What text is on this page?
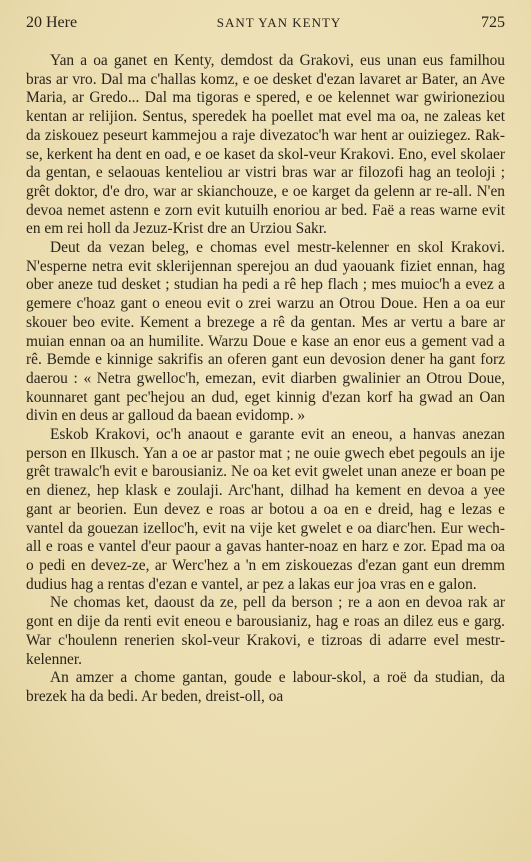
20 Here	SANT YAN KENTY	725

Yan a oa ganet en Kenty, demdost da Grakovi, eus unan eus familhou bras ar vro. Dal ma c'hallas komz, e oe desket d'ezan lavaret ar Bater, an Ave Maria, ar Gredo... Dal ma tigoras e spered, e oe kelennet war gwirioneziou kentan ar relijion. Sentus, speredek ha poellet mat evel ma oa, ne zaleas ket da ziskouez peseurt kammejou a raje divezatoc'h war hent ar ouiziegez. Rak-se, kerkent ha dent en oad, e oe kaset da skol-veur Krakovi. Eno, evel skolaer da gentan, e selaouas kenteliou ar vistri bras war ar filozofi hag an teoloji ; grêt doktor, d'e dro, war ar skianchouze, e oe karget da gelenn ar re-all. N'en devoa nemet astenn e zorn evit kutuilh enoriou ar bed. Faë a reas warne evit en em rei holl da Jezuz-Krist dre an Urziou Sakr.

Deut da vezan beleg, e chomas evel mestr-kelenner en skol Krakovi. N'esperne netra evit sklerijennan sperejou an dud yaouank fiziet ennan, hag ober aneze tud desket ; studian ha pedi a rê hep flach ; mes muioc'h a evez a gemere c'hoaz gant o eneou evit o zrei warzu an Otrou Doue. Hen a oa eur skouer beo evite. Kement a brezege a rê da gentan. Mes ar vertu a bare ar muian ennan oa an humilite. Warzu Doue e kase an enor eus a gement vad a rê. Bemde e kinnige sakrifis an oferen gant eun devosion dener ha gant forz daerou : « Netra gwelloc'h, emezan, evit diarben gwalinier an Otrou Doue, kounnaret gant pec'hejou an dud, eget kinnig d'ezan korf ha gwad an Oan divin en deus ar galloud da baean evidomp. »

Eskob Krakovi, oc'h anaout e garante evit an eneou, a hanvas anezan person en Ilkusch. Yan a oe ar pastor mat ; ne ouie gwech ebet pegouls an ije grêt trawalc'h evit e barousianiz. Ne oa ket evit gwelet unan aneze er boan pe en dienez, hep klask e zoulaji. Arc'hant, dilhad ha kement en devoa a yee gant ar beorien. Eun devez e roas ar botou a oa en e dreid, hag e lezas e vantel da gouezan izelloc'h, evit na vije ket gwelet e oa diarc'hen. Eur wech-all e roas e vantel d'eur paour a gavas hanter-noaz en harz e zor. Epad ma oa o pedi en devez-ze, ar Werc'hez a 'n em ziskouezas d'ezan gant eun dremm dudius hag a rentas d'ezan e vantel, ar pez a lakas eur joa vras en e galon.

Ne chomas ket, daoust da ze, pell da berson ; re a aon en devoa rak ar gont en dije da renti evit eneou e barousianiz, hag e roas an dilez eus e garg. War c'houlenn renerien skol-veur Krakovi, e tizroas di adarre evel mestr-kelenner.

An amzer a chome gantan, goude e labour-skol, a roë da studian, da brezek ha da bedi. Ar beden, dreist-oll, oa
